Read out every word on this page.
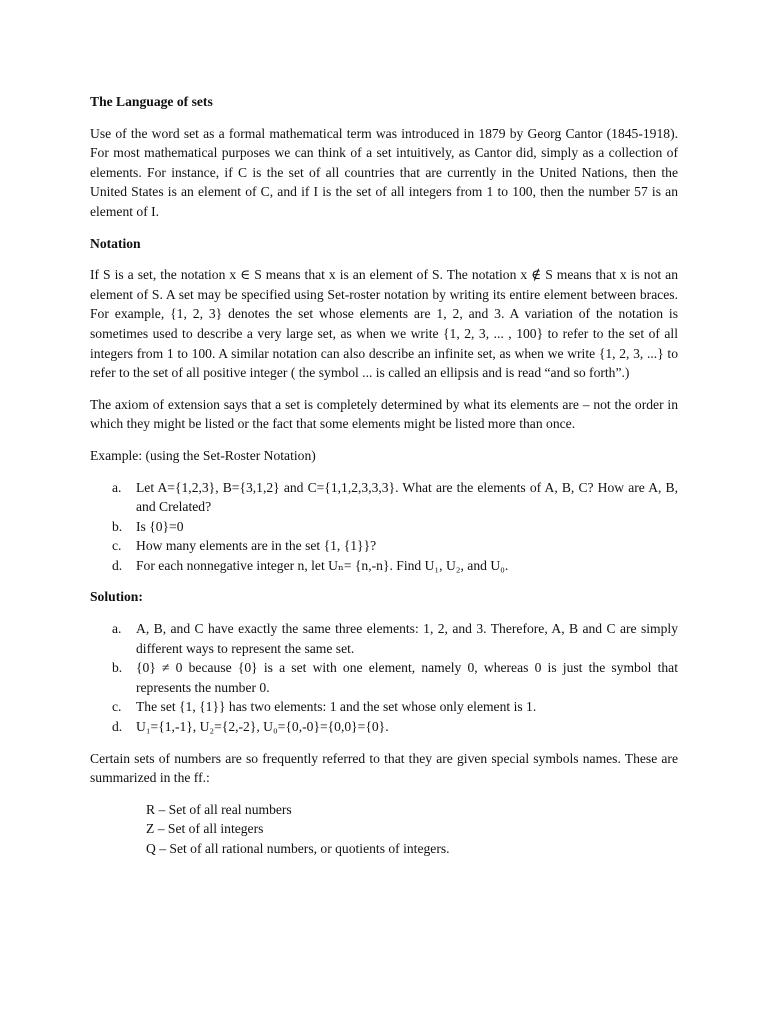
The Language of sets

Use of the word set as a formal mathematical term was introduced in 1879 by Georg Cantor (1845-1918). For most mathematical purposes we can think of a set intuitively, as Cantor did, simply as a collection of elements. For instance, if C is the set of all countries that are currently in the United Nations, then the United States is an element of C, and if I is the set of all integers from 1 to 100, then the number 57 is an element of I.

Notation

If S is a set, the notation x ∈ S means that x is an element of S. The notation x ∉ S means that x is not an element of S. A set may be specified using Set-roster notation by writing its entire element between braces. For example, {1, 2, 3} denotes the set whose elements are 1, 2, and 3. A variation of the notation is sometimes used to describe a very large set, as when we write {1, 2, 3, ... , 100} to refer to the set of all integers from 1 to 100. A similar notation can also describe an infinite set, as when we write {1, 2, 3, ...} to refer to the set of all positive integer ( the symbol ... is called an ellipsis and is read “and so forth”.)

The axiom of extension says that a set is completely determined by what its elements are – not the order in which they might be listed or the fact that some elements might be listed more than once.

Example: (using the Set-Roster Notation)

a. Let A={1,2,3}, B={3,1,2} and C={1,1,2,3,3,3}. What are the elements of A, B, C? How are A, B, and Crelated?
b. Is {0}=0
c. How many elements are in the set {1, {1}}?
d. For each nonnegative integer n, let Uₙ= {n,-n}. Find U₁, U₂, and U₀.
Solution:
a. A, B, and C have exactly the same three elements: 1, 2, and 3. Therefore, A, B and C are simply different ways to represent the same set.
b. {0} ≠ 0 because {0} is a set with one element, namely 0, whereas 0 is just the symbol that represents the number 0.
c. The set {1, {1}} has two elements: 1 and the set whose only element is 1.
d. U₁={1,-1}, U₂={2,-2}, U₀={0,-0}={0,0}={0}.

Certain sets of numbers are so frequently referred to that they are given special symbols names. These are summarized in the ff.:

R – Set of all real numbers
Z – Set of all integers
Q – Set of all rational numbers, or quotients of integers.
